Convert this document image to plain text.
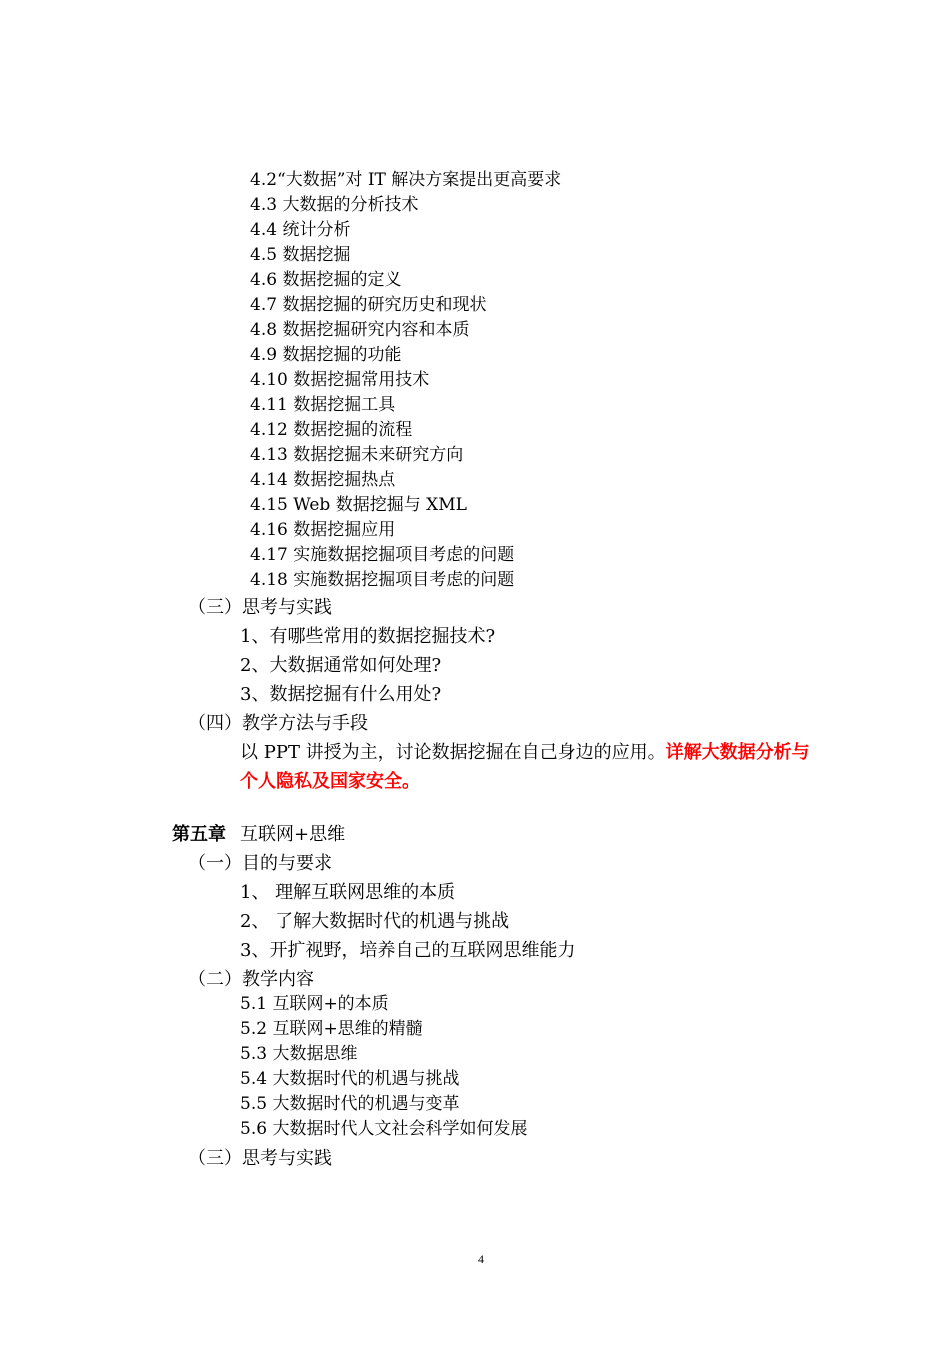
4.2“大数据”对 IT 解决方案提出更高要求
4.3 大数据的分析技术
4.4 统计分析
4.5 数据挖掘
4.6 数据挖掘的定义
4.7 数据挖掘的研究历史和现状
4.8 数据挖掘研究内容和本质
4.9 数据挖掘的功能
4.10 数据挖掘常用技术
4.11 数据挖掘工具
4.12 数据挖掘的流程
4.13 数据挖掘未来研究方向
4.14 数据挖掘热点
4.15 Web 数据挖掘与 XML
4.16 数据挖掘应用
4.17 实施数据挖掘项目考虑的问题
4.18 实施数据挖掘项目考虑的问题
（三）思考与实践
1、有哪些常用的数据挖掘技术?
2、大数据通常如何处理?
3、数据挖掘有什么用处?
（四）教学方法与手段
以 PPT 讲授为主，讨论数据挖掘在自己身边的应用。详解大数据分析与
个人隐私及国家安全。
第五章 互联网+思维
（一）目的与要求
1、 理解互联网思维的本质
2、 了解大数据时代的机遇与挑战
3、开扩视野，培养自己的互联网思维能力
（二）教学内容
5.1 互联网+的本质
5.2 互联网+思维的精髓
5.3 大数据思维
5.4 大数据时代的机遇与挑战
5.5 大数据时代的机遇与变革
5.6 大数据时代人文社会科学如何发展
（三）思考与实践
4
